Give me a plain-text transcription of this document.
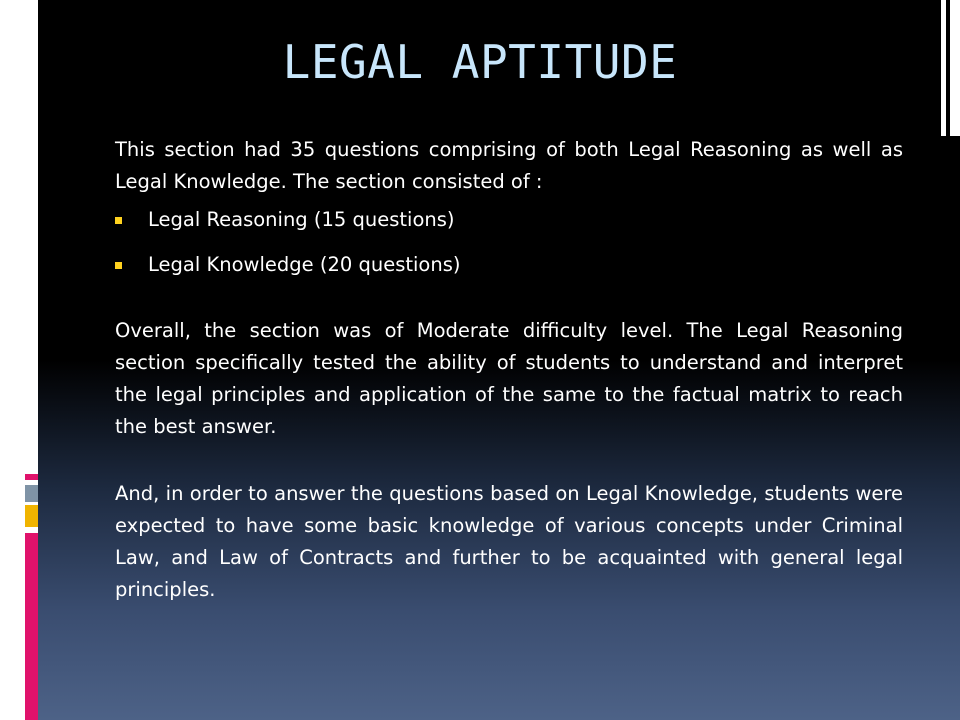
LEGAL APTITUDE

This section had 35 questions comprising of both Legal Reasoning as well as Legal Knowledge. The section consisted of :

Legal Reasoning (15 questions)
Legal Knowledge (20 questions)

Overall, the section was of Moderate difficulty level. The Legal Reasoning section specifically tested the ability of students to understand and interpret the legal principles and application of the same to the factual matrix to reach the best answer.

And, in order to answer the questions based on Legal Knowledge, students were expected to have some basic knowledge of various concepts under Criminal Law, and Law of Contracts and further to be acquainted with general legal principles.
